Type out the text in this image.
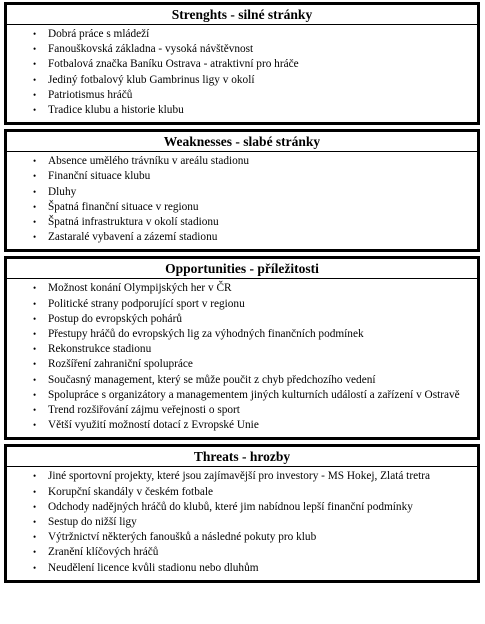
Strenghts - silné stránky
• Dobrá práce s mládeží
• Fanouškovská základna - vysoká návštěvnost
• Fotbalová značka Baníku Ostrava - atraktivní pro hráče
• Jediný fotbalový klub Gambrinus ligy v okolí
• Patriotismus hráčů
• Tradice klubu a historie klubu
Weaknesses - slabé stránky
• Absence umělého trávníku v areálu stadionu
• Finanční situace klubu
• Dluhy
• Špatná finanční situace v regionu
• Špatná infrastruktura v okolí stadionu
• Zastaralé vybavení a zázemí stadionu
Opportunities - příležitosti
• Možnost konání Olympijských her v ČR
• Politické strany podporující sport v regionu
• Postup do evropských pohárů
• Přestupy hráčů do evropských lig za výhodných finančních podmínek
• Rekonstrukce stadionu
• Rozšíření zahraniční spolupráce
• Současný management, který se může poučit z chyb předchozího vedení
• Spolupráce s organizátory a managementem jiných kulturních událostí a zařízení v Ostravě
• Trend rozšiřování zájmu veřejnosti o sport
• Větší využití možností dotací z Evropské Unie
Threats - hrozby
• Jiné sportovní projekty, které jsou zajímavější pro investory - MS Hokej, Zlatá tretra
• Korupční skandály v českém fotbale
• Odchody nadějných hráčů do klubů, které jim nabídnou lepší finanční podmínky
• Sestup do nižší ligy
• Výtržnictví některých fanoušků a následné pokuty pro klub
• Zranění klíčových hráčů
• Neudělení licence kvůli stadionu nebo dluhům
